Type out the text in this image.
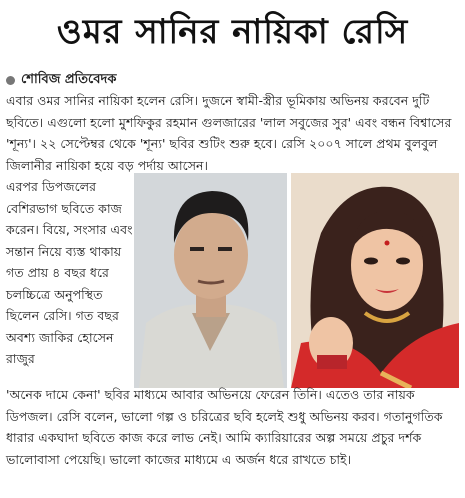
ওমর সানির নায়িকা রেসি
শোবিজ প্রতিবেদক
এবার ওমর সানির নায়িকা হলেন রেসি। দুজনে স্বামী-স্ত্রীর ভূমিকায় অভিনয় করবেন দুটি ছবিতে। এগুলো হলো মুশফিকুর রহমান গুলজারের 'লাল সবুজের সুর' এবং বন্ধন বিশ্বাসের 'শূন্য'। ২২ সেপ্টেম্বর থেকে 'শূন্য' ছবির শুটিং শুরু হবে। রেসি ২০০৭ সালে প্রথম বুলবুল জিলানীর নায়িকা হয়ে বড় পর্দায় আসেন।
এরপর ডিপজলের বেশিরভাগ ছবিতে কাজ করেন। বিয়ে, সংসার এবং সন্তান নিয়ে ব্যস্ত থাকায় গত প্রায় ৪ বছর ধরে চলচ্চিত্রে অনুপস্থিত ছিলেন রেসি। গত বছর অবশ্য জাকির হোসেন রাজুর
'অনেক দামে কেনা' ছবির মাধ্যমে আবার অভিনয়ে ফেরেন তিনি। এতেও তার নায়ক ডিপজল। রেসি বলেন, ভালো গল্প ও চরিত্রের ছবি হলেই শুধু অভিনয় করব। গতানুগতিক ধারার একঘাদা ছবিতে কাজ করে লাভ নেই। আমি ক্যারিয়ারের অল্প সময়ে প্রচুর দর্শক ভালোবাসা পেয়েছি। ভালো কাজের মাধ্যমে এ অর্জন ধরে রাখতে চাই।
